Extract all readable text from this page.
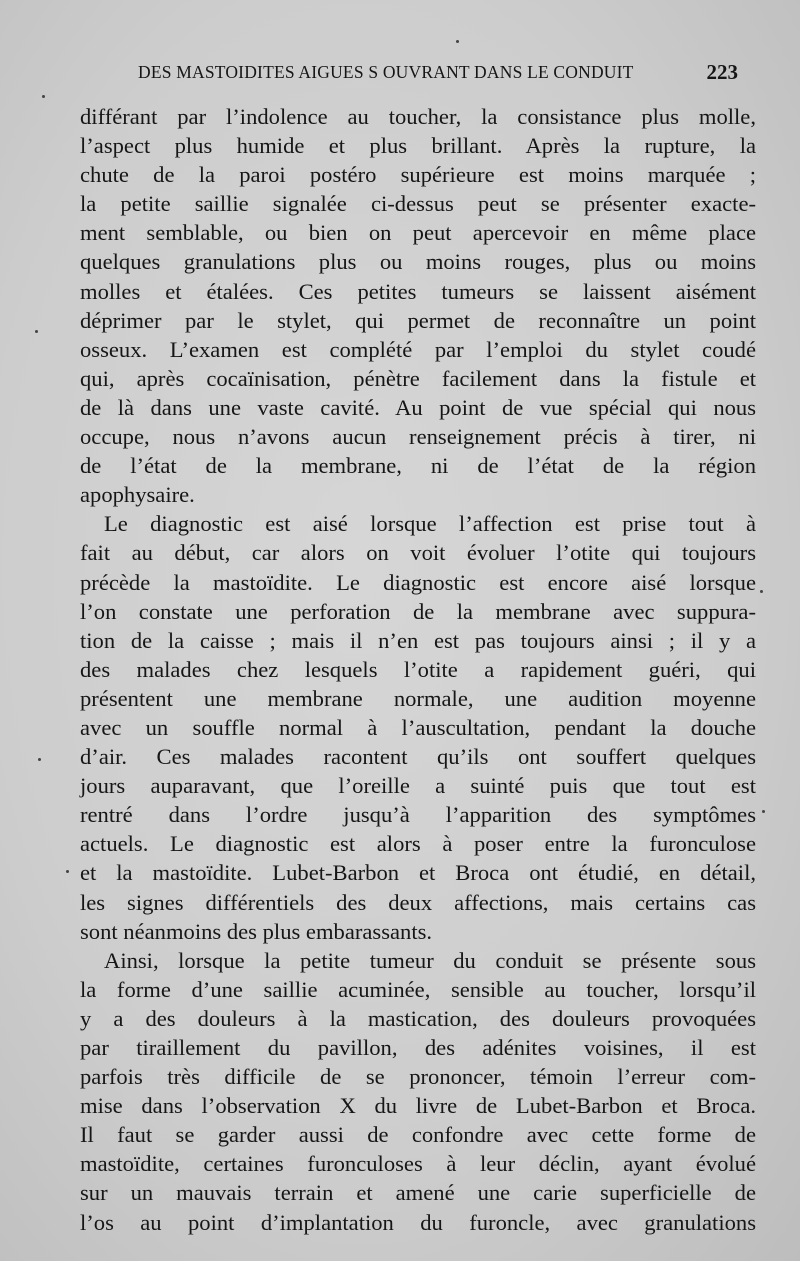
DES MASTOIDITES AIGUES S OUVRANT DANS LE CONDUIT	223
différant par l’indolence au toucher, la consistance plus molle,
l’aspect plus humide et plus brillant. Après la rupture, la
chute de la paroi postéro supérieure est moins marquée ;
la petite saillie signalée ci-dessus peut se présenter exacte-
ment semblable, ou bien on peut apercevoir en même place
quelques granulations plus ou moins rouges, plus ou moins
molles et étalées. Ces petites tumeurs se laissent aisément
déprimer par le stylet, qui permet de reconnaître un point
osseux. L’examen est complété par l’emploi du stylet coudé
qui, après cocaïnisation, pénètre facilement dans la fistule et
de là dans une vaste cavité. Au point de vue spécial qui nous
occupe, nous n’avons aucun renseignement précis à tirer, ni
de l’état de la membrane, ni de l’état de la région
apophysaire.
Le diagnostic est aisé lorsque l’affection est prise tout à
fait au début, car alors on voit évoluer l’otite qui toujours
précède la mastoïdite. Le diagnostic est encore aisé lorsque
l’on constate une perforation de la membrane avec suppura-
tion de la caisse ; mais il n’en est pas toujours ainsi ; il y a
des malades chez lesquels l’otite a rapidement guéri, qui
présentent une membrane normale, une audition moyenne
avec un souffle normal à l’auscultation, pendant la douche
d’air. Ces malades racontent qu’ils ont souffert quelques
jours auparavant, que l’oreille a suinté puis que tout est
rentré dans l’ordre jusqu’à l’apparition des symptômes
actuels. Le diagnostic est alors à poser entre la furonculose
et la mastoïdite. Lubet-Barbon et Broca ont étudié, en détail,
les signes différentiels des deux affections, mais certains cas
sont néanmoins des plus embarassants.
Ainsi, lorsque la petite tumeur du conduit se présente sous
la forme d’une saillie acuminée, sensible au toucher, lorsqu’il
y a des douleurs à la mastication, des douleurs provoquées
par tiraillement du pavillon, des adénites voisines, il est
parfois très difficile de se prononcer, témoin l’erreur com-
mise dans l’observation X du livre de Lubet-Barbon et Broca.
Il faut se garder aussi de confondre avec cette forme de
mastoïdite, certaines furonculoses à leur déclin, ayant évolué
sur un mauvais terrain et amené une carie superficielle de
l’os au point d’implantation du furoncle, avec granulations
